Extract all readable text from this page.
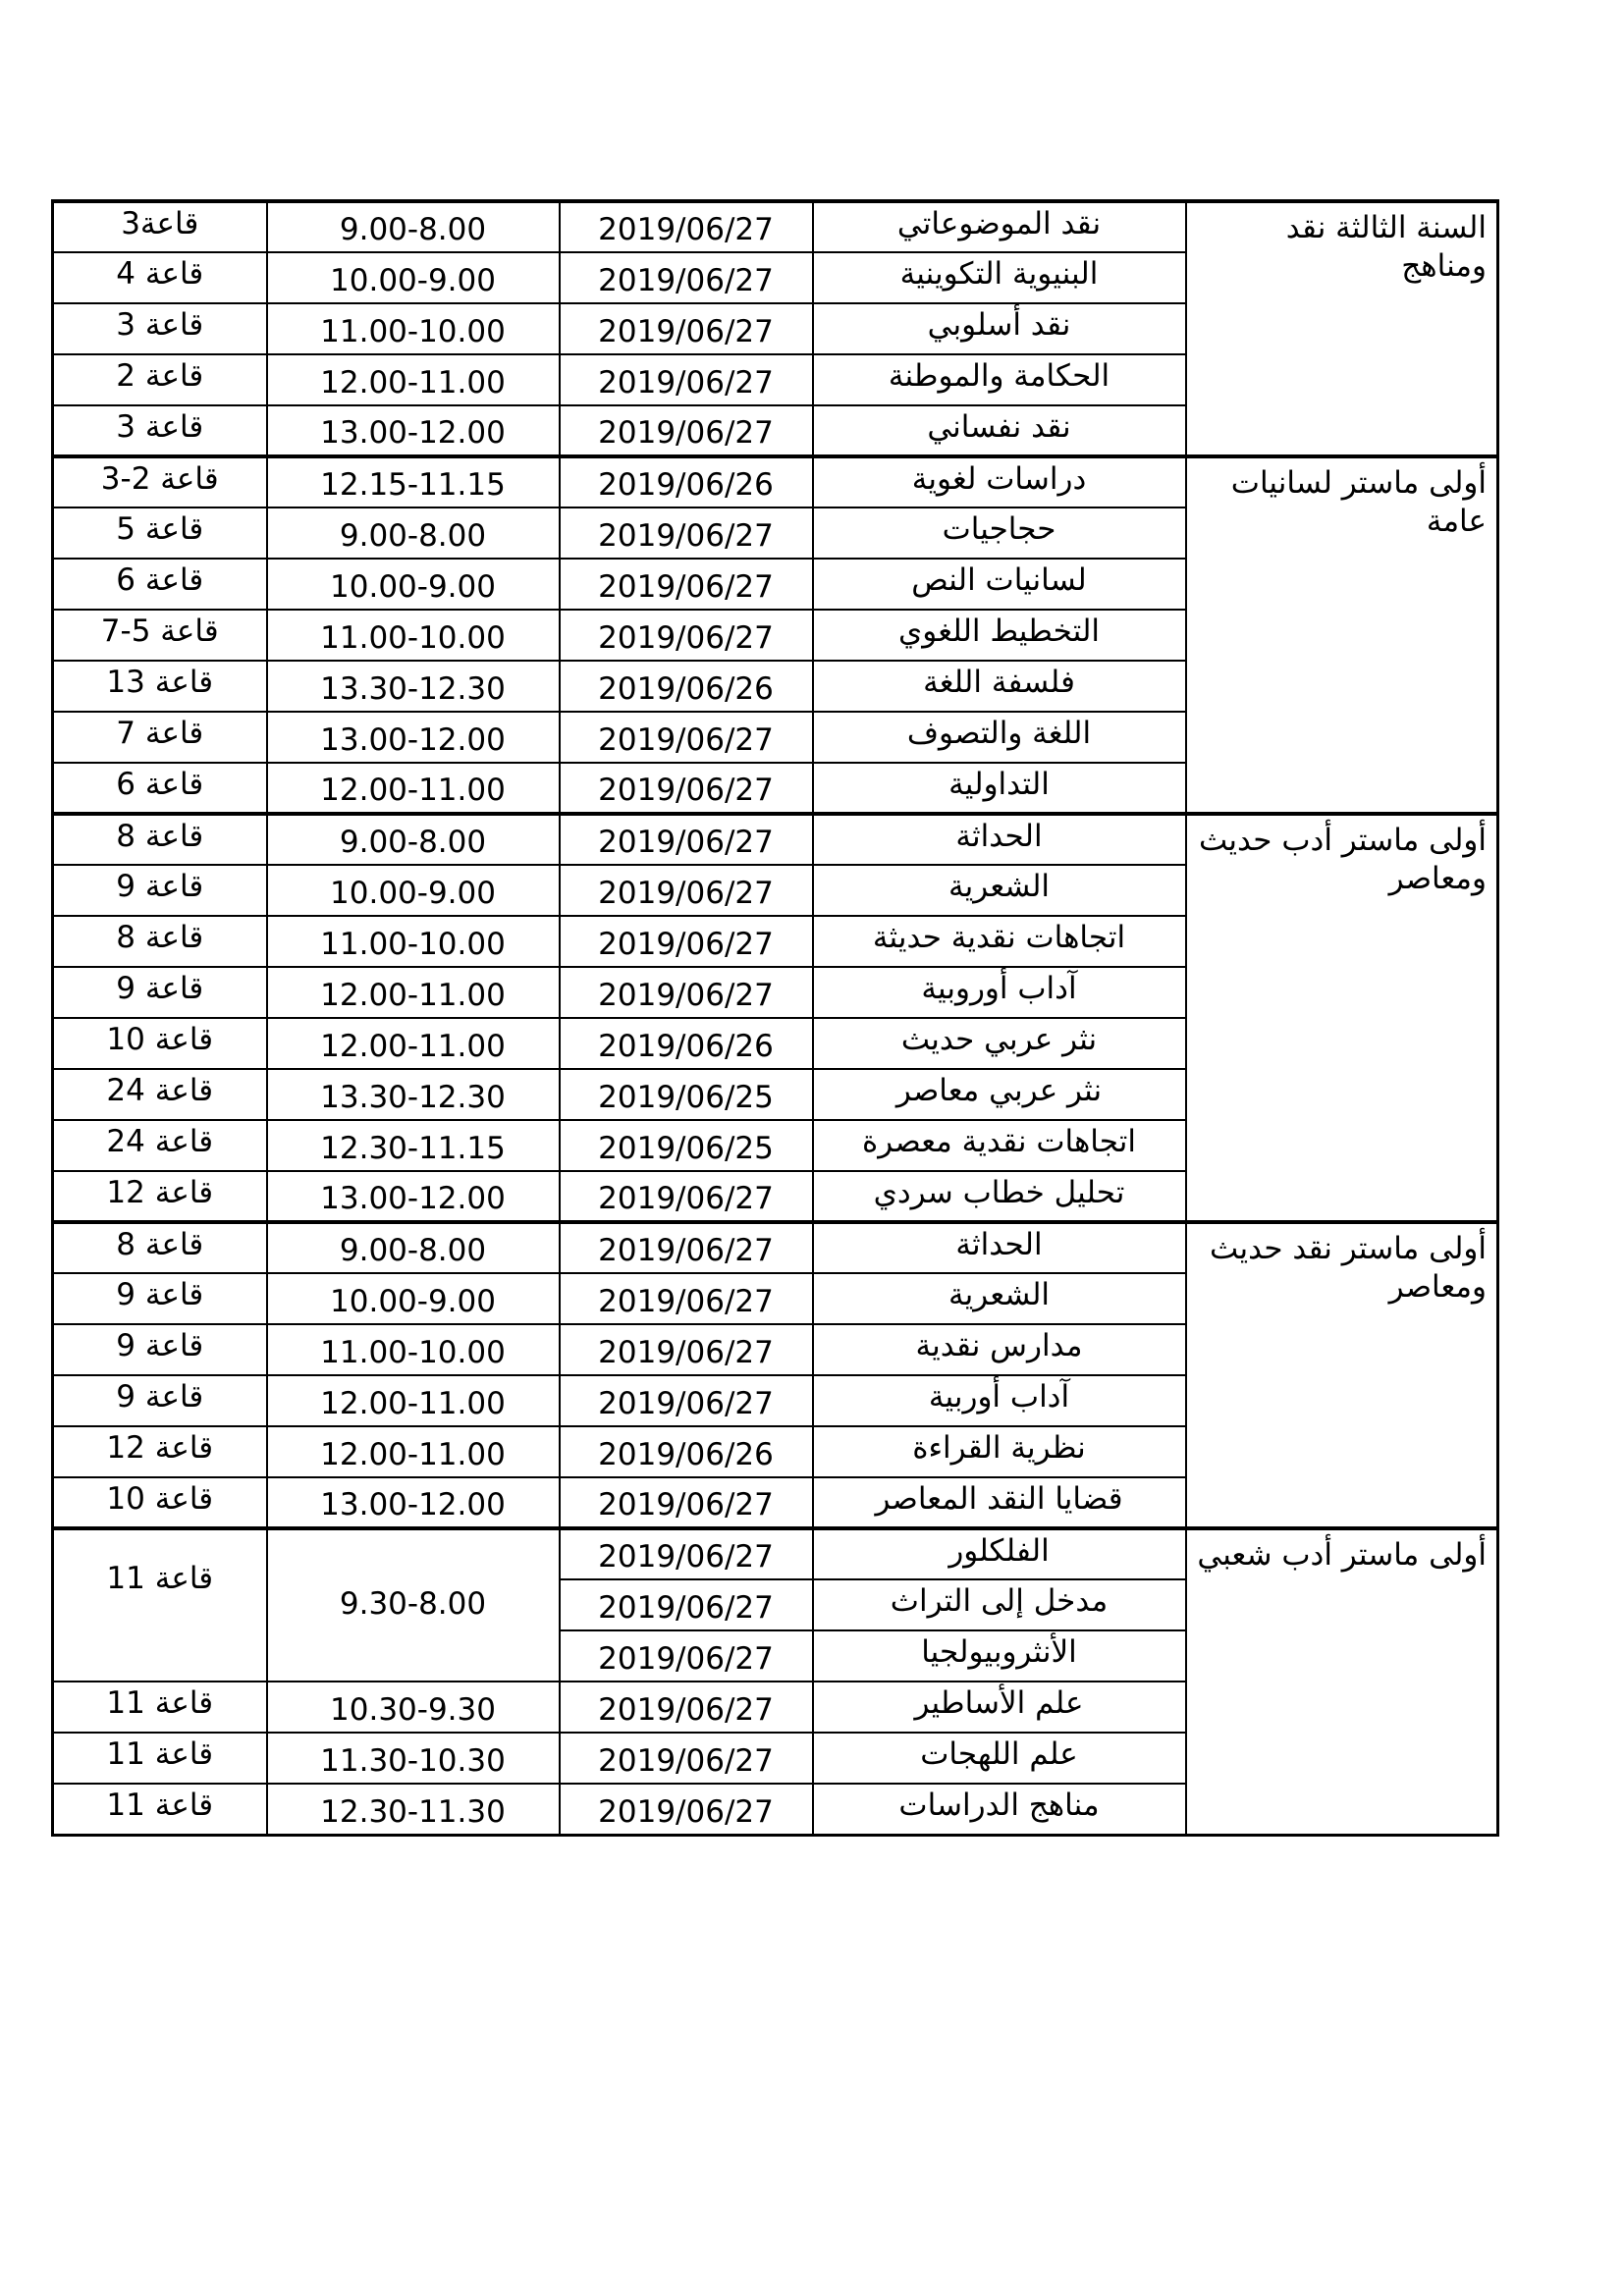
قاعة3	9.00-8.00	2019/06/27	نقد الموضوعاتي	السنة الثالثة نقد ومناهج
قاعة 4	10.00-9.00	2019/06/27	البنيوية التكوينية	
قاعة 3	11.00-10.00	2019/06/27	نقد أسلوبي	
قاعة 2	12.00-11.00	2019/06/27	الحكامة والموطنة	
قاعة 3	13.00-12.00	2019/06/27	نقد نفساني	
قاعة 2-3	12.15-11.15	2019/06/26	دراسات لغوية	أولى ماستر لسانيات عامة
قاعة 5	9.00-8.00	2019/06/27	حجاجيات	
قاعة 6	10.00-9.00	2019/06/27	لسانيات النص	
قاعة 5-7	11.00-10.00	2019/06/27	التخطيط اللغوي	
قاعة 13	13.30-12.30	2019/06/26	فلسفة اللغة	
قاعة 7	13.00-12.00	2019/06/27	اللغة والتصوف	
قاعة 6	12.00-11.00	2019/06/27	التداولية	
قاعة 8	9.00-8.00	2019/06/27	الحداثة	أولى ماستر أدب حديث ومعاصر
قاعة 9	10.00-9.00	2019/06/27	الشعرية	
قاعة 8	11.00-10.00	2019/06/27	اتجاهات نقدية حديثة	
قاعة 9	12.00-11.00	2019/06/27	آداب أوروبية	
قاعة 10	12.00-11.00	2019/06/26	نثر عربي حديث	
قاعة 24	13.30-12.30	2019/06/25	نثر عربي معاصر	
قاعة 24	12.30-11.15	2019/06/25	اتجاهات نقدية معصرة	
قاعة 12	13.00-12.00	2019/06/27	تحليل خطاب سردي	
قاعة 8	9.00-8.00	2019/06/27	الحداثة	أولى ماستر نقد حديث ومعاصر
قاعة 9	10.00-9.00	2019/06/27	الشعرية	
قاعة 9	11.00-10.00	2019/06/27	مدارس نقدية	
قاعة 9	12.00-11.00	2019/06/27	آداب أوربية	
قاعة 12	12.00-11.00	2019/06/26	نظرية القراءة	
قاعة 10	13.00-12.00	2019/06/27	قضايا النقد المعاصر	
قاعة 11	9.30-8.00	2019/06/27	الفلكلور	أولى ماستر أدب شعبي
		2019/06/27	مدخل إلى التراث	
		2019/06/27	الأنثروبيولجيا	
قاعة 11	10.30-9.30	2019/06/27	علم الأساطير	
قاعة 11	11.30-10.30	2019/06/27	علم اللهجات	
قاعة 11	12.30-11.30	2019/06/27	مناهج الدراسات	
